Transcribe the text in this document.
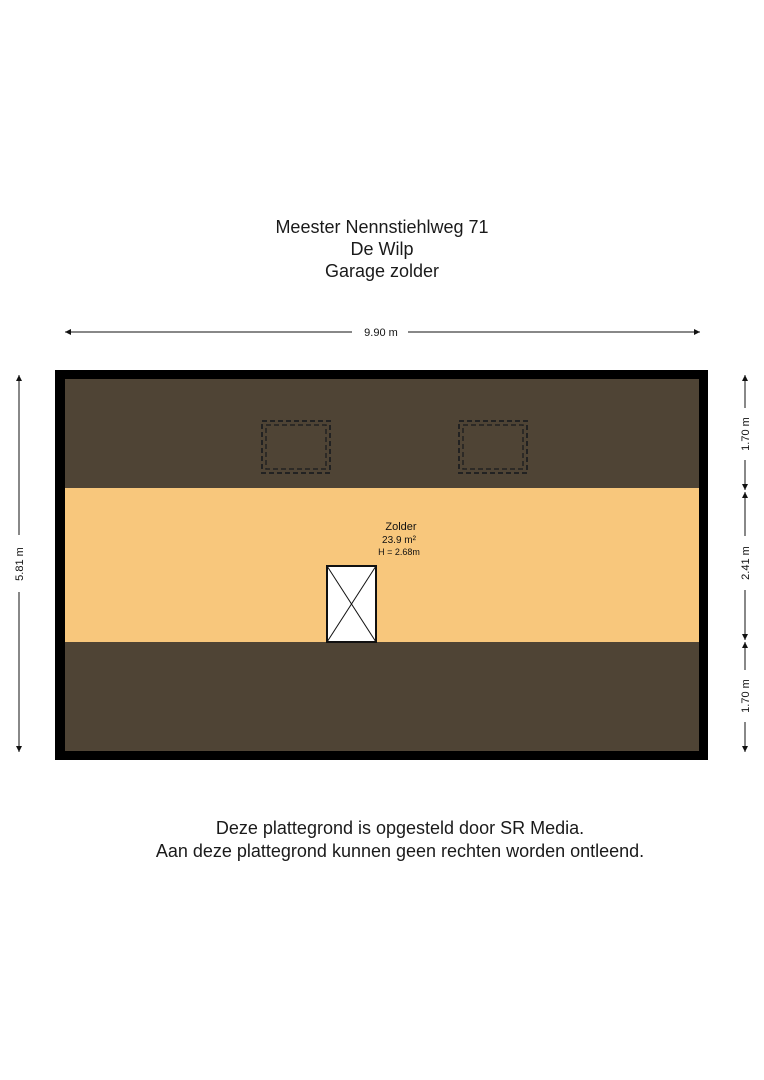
Meester Nennstiehlweg 71
De Wilp
Garage zolder
9.90 m
5.81 m
1.70 m
2.41 m
1.70 m
Zolder
23.9 m²
H = 2.68m
Deze plattegrond is opgesteld door SR Media.
Aan deze plattegrond kunnen geen rechten worden ontleend.
